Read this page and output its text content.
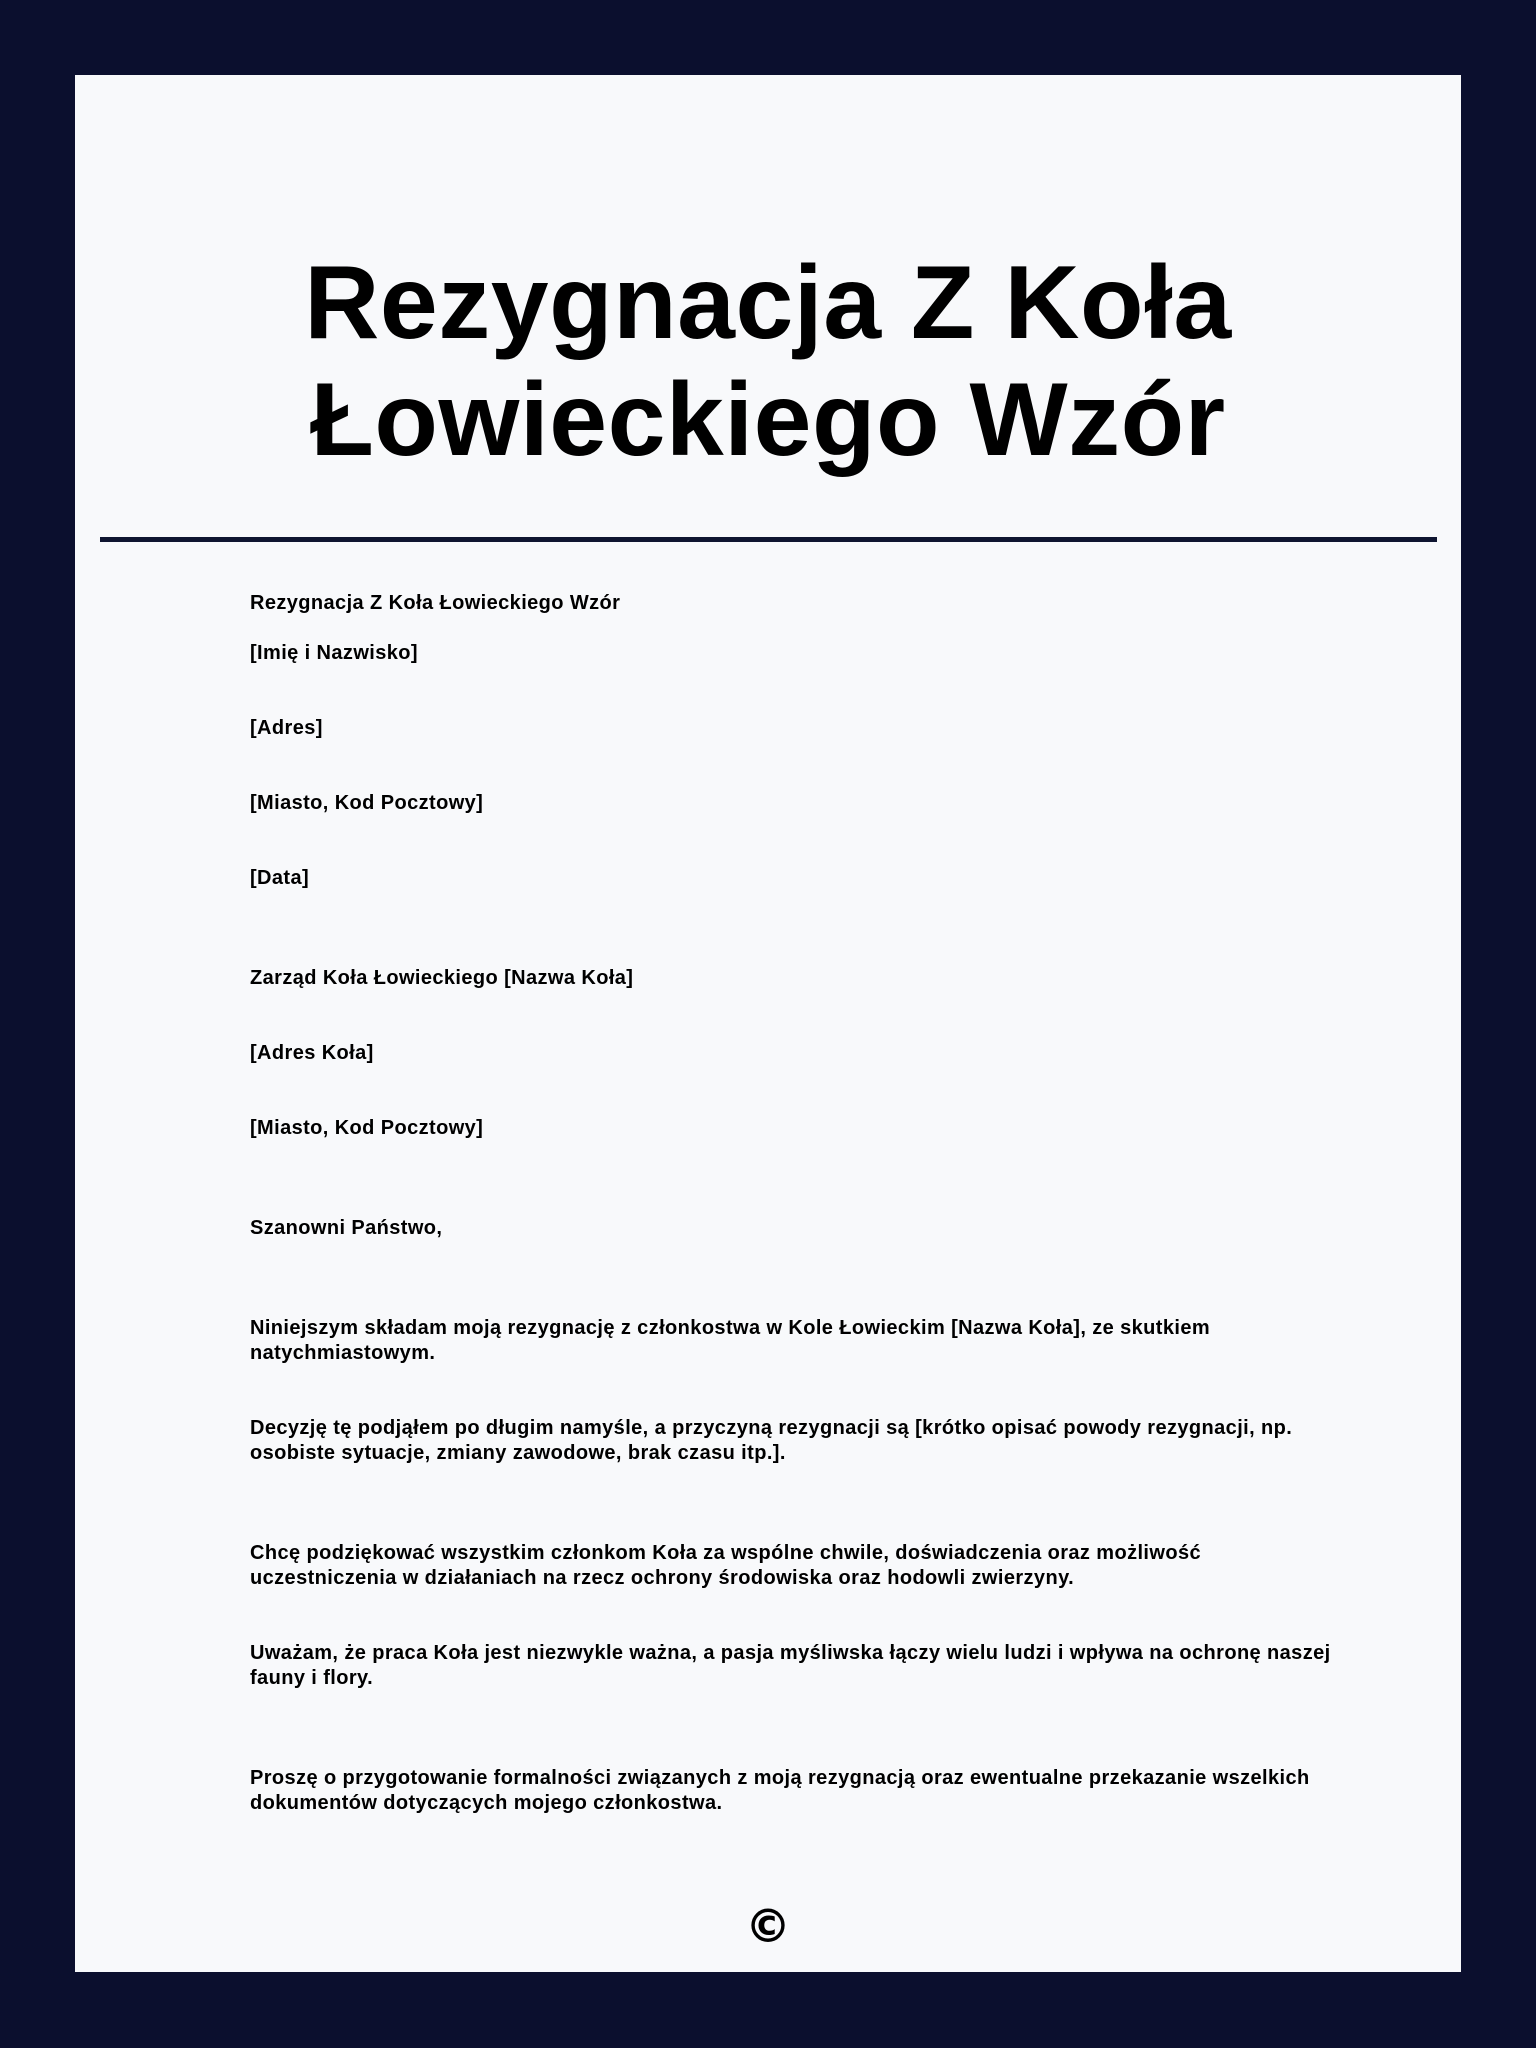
Rezygnacja Z Koła
Łowieckiego Wzór

Rezygnacja Z Koła Łowieckiego Wzór

[Imię i Nazwisko]

[Adres]

[Miasto, Kod Pocztowy]

[Data]

Zarząd Koła Łowieckiego [Nazwa Koła]

[Adres Koła]

[Miasto, Kod Pocztowy]

Szanowni Państwo,

Niniejszym składam moją rezygnację z członkostwa w Kole Łowieckim [Nazwa Koła], ze skutkiem natychmiastowym.

Decyzję tę podjąłem po długim namyśle, a przyczyną rezygnacji są [krótko opisać powody rezygnacji, np. osobiste sytuacje, zmiany zawodowe, brak czasu itp.].

Chcę podziękować wszystkim członkom Koła za wspólne chwile, doświadczenia oraz możliwość uczestniczenia w działaniach na rzecz ochrony środowiska oraz hodowli zwierzyny.

Uważam, że praca Koła jest niezwykle ważna, a pasja myśliwska łączy wielu ludzi i wpływa na ochronę naszej fauny i flory.

Proszę o przygotowanie formalności związanych z moją rezygnacją oraz ewentualne przekazanie wszelkich dokumentów dotyczących mojego członkostwa.

©
